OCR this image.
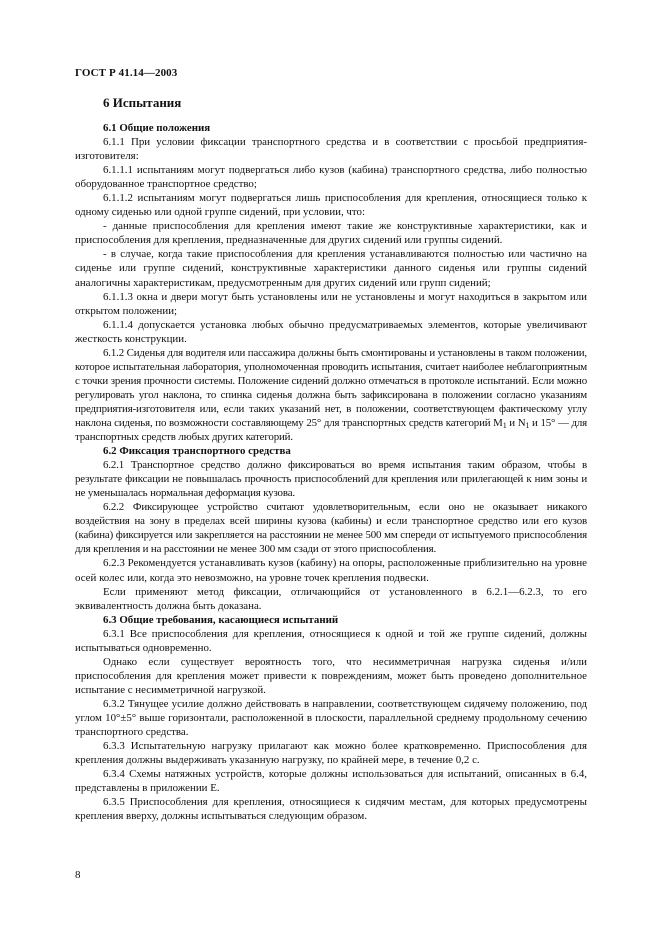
ГОСТ Р 41.14—2003
6 Испытания

6.1 Общие положения

6.1.1 При условии фиксации транспортного средства и в соответствии с просьбой предприятия-изготовителя:

6.1.1.1 испытаниям могут подвергаться либо кузов (кабина) транспортного средства, либо полностью оборудованное транспортное средство;

6.1.1.2 испытаниям могут подвергаться лишь приспособления для крепления, относящиеся только к одному сиденью или одной группе сидений, при условии, что:

- данные приспособления для крепления имеют такие же конструктивные характеристики, как и приспособления для крепления, предназначенные для других сидений или группы сидений.

- в случае, когда такие приспособления для крепления устанавливаются полностью или частично на сиденье или группе сидений, конструктивные характеристики данного сиденья или группы сидений аналогичны характеристикам, предусмотренным для других сидений или групп сидений;

6.1.1.3 окна и двери могут быть установлены или не установлены и могут находиться в закрытом или открытом положении;

6.1.1.4 допускается установка любых обычно предусматриваемых элементов, которые увеличивают жесткость конструкции.

6.1.2 Сиденья для водителя или пассажира должны быть смонтированы и установлены в таком положении, которое испытательная лаборатория, уполномоченная проводить испытания, считает наиболее неблагоприятным с точки зрения прочности системы. Положение сидений должно отмечаться в протоколе испытаний. Если можно регулировать угол наклона, то спинка сиденья должна быть зафиксирована в положении согласно указаниям предприятия-изготовителя или, если таких указаний нет, в положении, соответствующем фактическому углу наклона сиденья, по возможности составляющему 25° для транспортных средств категорий $M_1$ и $N_1$ и 15° — для транспортных средств любых других категорий.

6.2 Фиксация транспортного средства

6.2.1 Транспортное средство должно фиксироваться во время испытания таким образом, чтобы в результате фиксации не повышалась прочность приспособлений для крепления или прилегающей к ним зоны и не уменьшалась нормальная деформация кузова.

6.2.2 Фиксирующее устройство считают удовлетворительным, если оно не оказывает никакого воздействия на зону в пределах всей ширины кузова (кабины) и если транспортное средство или его кузов (кабина) фиксируется или закрепляется на расстоянии не менее 500 мм спереди от испытуемого приспособления для крепления и на расстоянии не менее 300 мм сзади от этого приспособления.

6.2.3 Рекомендуется устанавливать кузов (кабину) на опоры, расположенные приблизительно на уровне осей колес или, когда это невозможно, на уровне точек крепления подвески.

Если применяют метод фиксации, отличающийся от установленного в 6.2.1—6.2.3, то его эквивалентность должна быть доказана.

6.3 Общие требования, касающиеся испытаний

6.3.1 Все приспособления для крепления, относящиеся к одной и той же группе сидений, должны испытываться одновременно.

Однако если существует вероятность того, что несимметричная нагрузка сиденья и/или приспособления для крепления может привести к повреждениям, может быть проведено дополнительное испытание с несимметричной нагрузкой.

6.3.2 Тянущее усилие должно действовать в направлении, соответствующем сидячему положению, под углом 10°±5° выше горизонтали, расположенной в плоскости, параллельной среднему продольному сечению транспортного средства.

6.3.3 Испытательную нагрузку прилагают как можно более кратковременно. Приспособления для крепления должны выдерживать указанную нагрузку, по крайней мере, в течение 0,2 с.

6.3.4 Схемы натяжных устройств, которые должны использоваться для испытаний, описанных в 6.4, представлены в приложении Е.

6.3.5 Приспособления для крепления, относящиеся к сидячим местам, для которых предусмотрены крепления вверху, должны испытываться следующим образом.

8
